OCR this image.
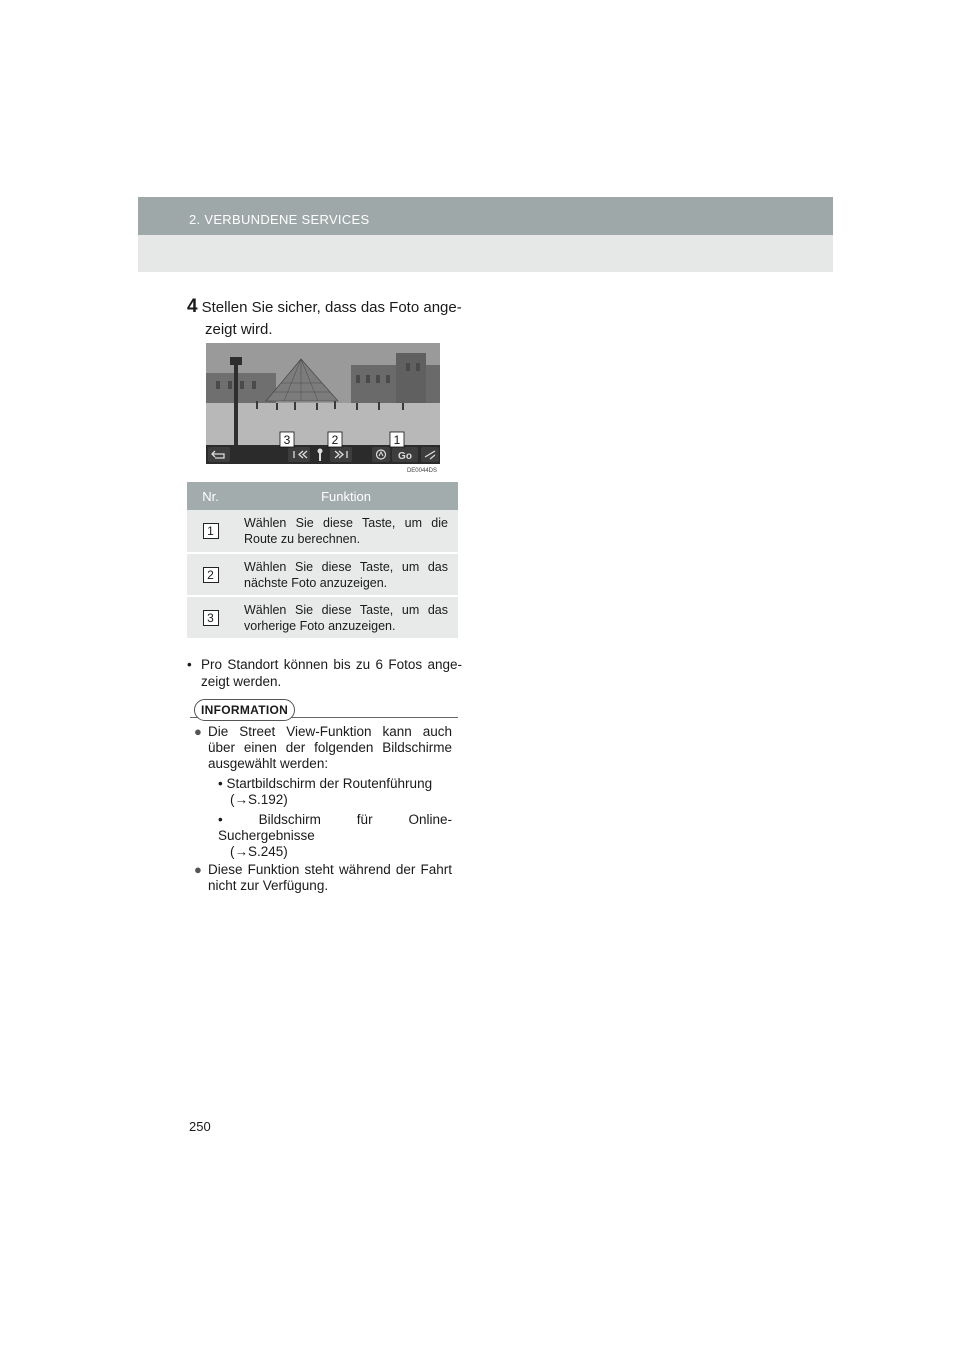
2. VERBUNDENE SERVICES
4 Stellen Sie sicher, dass das Foto ange-
zeigt wird.
Go
3	2	1
DE0044DS
Nr.	Funktion
1	Wählen Sie diese Taste, um die Route zu berechnen.
2	Wählen Sie diese Taste, um das nächste Foto anzuzeigen.
3	Wählen Sie diese Taste, um das vorherige Foto anzuzeigen.
• Pro Standort können bis zu 6 Fotos ange-zeigt werden.
INFORMATION
● Die Street View-Funktion kann auch über einen der folgenden Bildschirme ausgewählt werden:
• Startbildschirm der Routenführung
(→S.192)
• Bildschirm für Online-Suchergebnisse
(→S.245)
● Diese Funktion steht während der Fahrt nicht zur Verfügung.
250
